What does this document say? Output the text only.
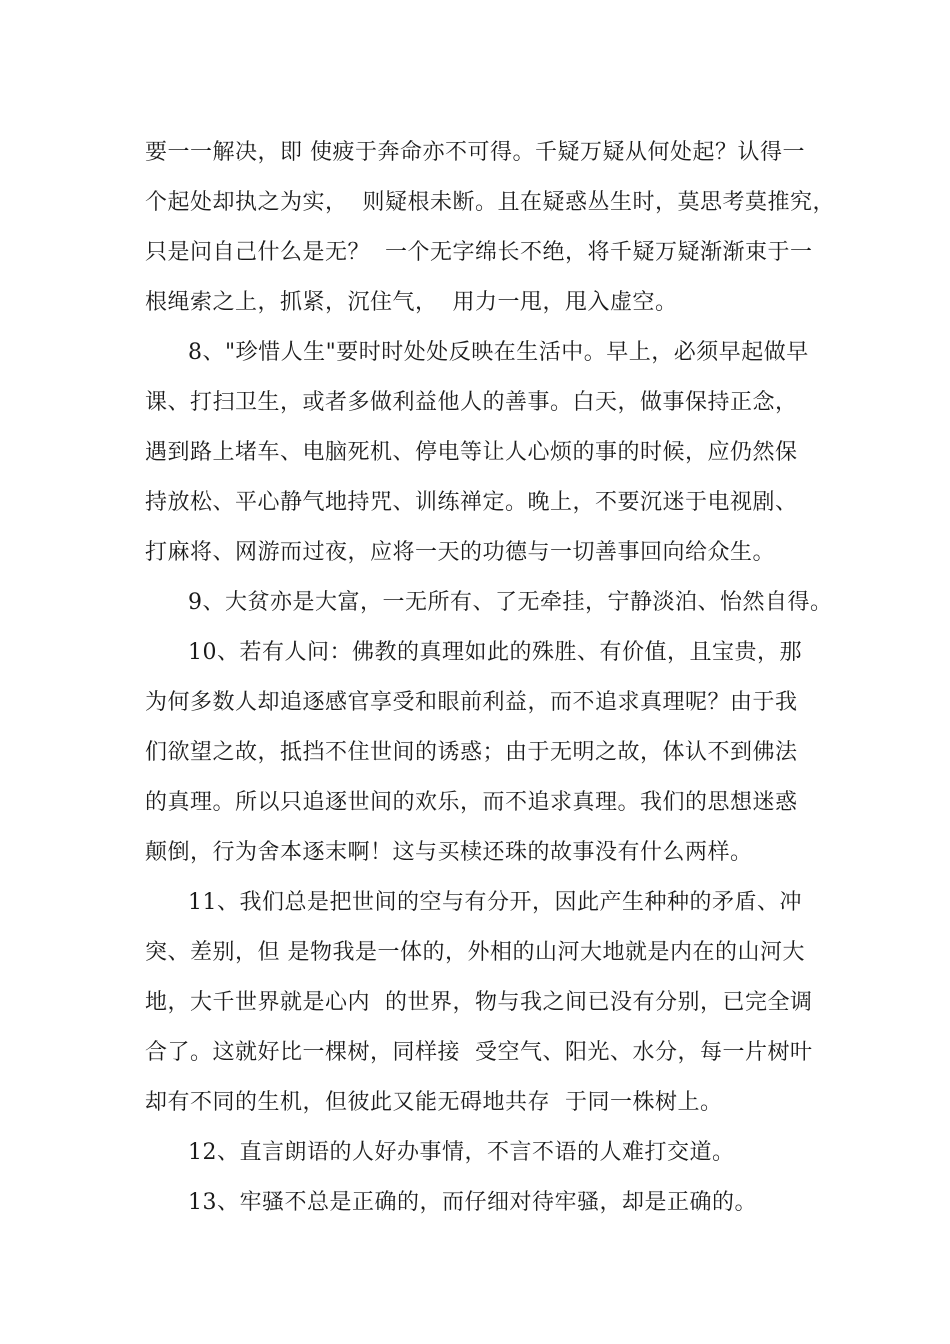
要一一解决，即 使疲于奔命亦不可得。千疑万疑从何处起？认得一
个起处却执之为实，  则疑根未断。且在疑惑丛生时，莫思考莫推究，
只是问自己什么是无？  一个无字绵长不绝，将千疑万疑渐渐束于一
根绳索之上，抓紧，沉住气，  用力一甩，甩入虚空。
8、"珍惜人生"要时时处处反映在生活中。早上，必须早起做早
课、打扫卫生，或者多做利益他人的善事。白天，做事保持正念，
遇到路上堵车、电脑死机、停电等让人心烦的事的时候，应仍然保
持放松、平心静气地持咒、训练禅定。晚上，不要沉迷于电视剧、
打麻将、网游而过夜，应将一天的功德与一切善事回向给众生。
9、大贫亦是大富，一无所有、了无牵挂，宁静淡泊、怡然自得。
10、若有人问：佛教的真理如此的殊胜、有价值，且宝贵，那
为何多数人却追逐感官享受和眼前利益，而不追求真理呢？由于我
们欲望之故，抵挡不住世间的诱惑；由于无明之故，体认不到佛法
的真理。所以只追逐世间的欢乐，而不追求真理。我们的思想迷惑
颠倒，行为舍本逐末啊！这与买椟还珠的故事没有什么两样。
11、我们总是把世间的空与有分开，因此产生种种的矛盾、冲
突、差别，但 是物我是一体的，外相的山河大地就是内在的山河大
地，大千世界就是心内  的世界，物与我之间已没有分别，已完全调
合了。这就好比一棵树，同样接  受空气、阳光、水分，每一片树叶
却有不同的生机，但彼此又能无碍地共存  于同一株树上。
12、直言朗语的人好办事情，不言不语的人难打交道。
13、牢骚不总是正确的，而仔细对待牢骚，却是正确的。
